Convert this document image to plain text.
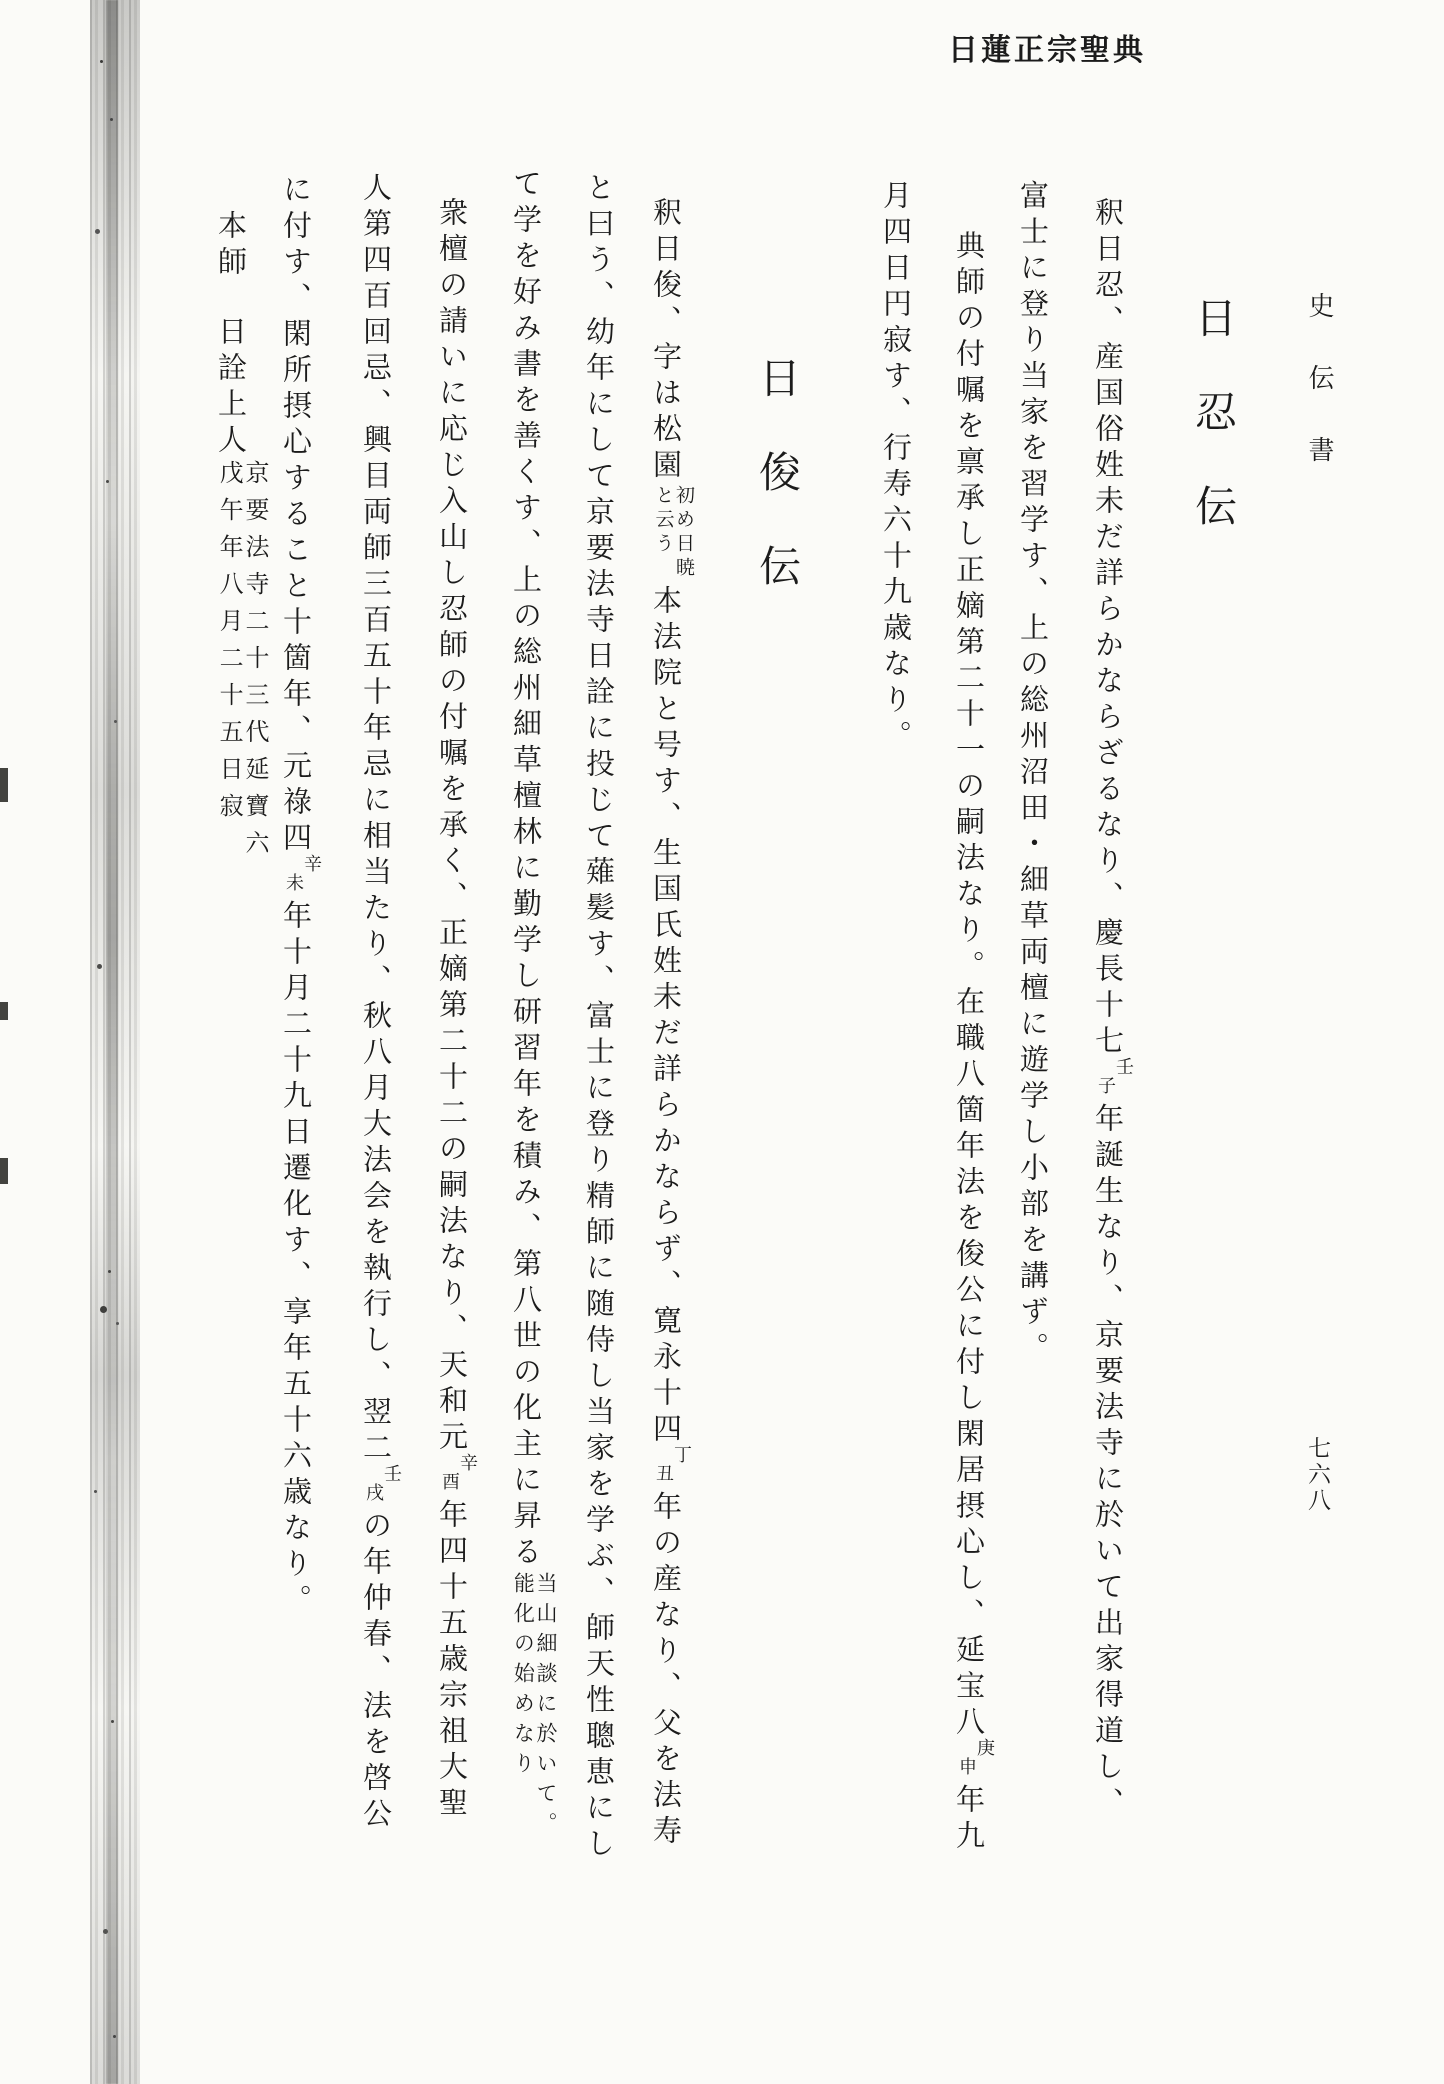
日蓮正宗聖典
史伝書
七六八
日忍伝
釈日忍、産国俗姓未だ詳らかならざるなり、慶長十七
壬
子
年誕生なり、京要法寺に於いて出家得道し、
富士に登り当家を習学す、上の総州沼田・細草両檀に遊学し小部を講ず。
典師の付嘱を禀承し正嫡第二十一の嗣法なり。在職八箇年法を俊公に付し閑居摂心し、延宝八
庚
申
年九
月四日円寂す、行寿六十九歳なり。
日俊伝
釈日俊、字は松園
初め日暁
と云う
本法院と号す、生国氏姓未だ詳らかならず、寛永十四
丁
丑
年の産なり、父を法寿
と曰う、幼年にして京要法寺日詮に投じて薙髪す、富士に登り精師に随侍し当家を学ぶ、師天性聰恵にし
て学を好み書を善くす、上の総州細草檀林に勤学し研習年を積み、第八世の化主に昇る
当山細談に於いて。
能化の始めなり
衆檀の請いに応じ入山し忍師の付嘱を承く、正嫡第二十二の嗣法なり、天和元
辛
酉
年四十五歳宗祖大聖
人第四百回忌、興目両師三百五十年忌に相当たり、秋八月大法会を執行し、翌二
壬
戌
の年仲春、法を啓公
に付す、閑所摂心すること十箇年、元祿四
辛
未
年十月二十九日遷化す、享年五十六歳なり。
本師日詮上人
京要法寺二十三代延寶六
戊午年八月二十五日寂
